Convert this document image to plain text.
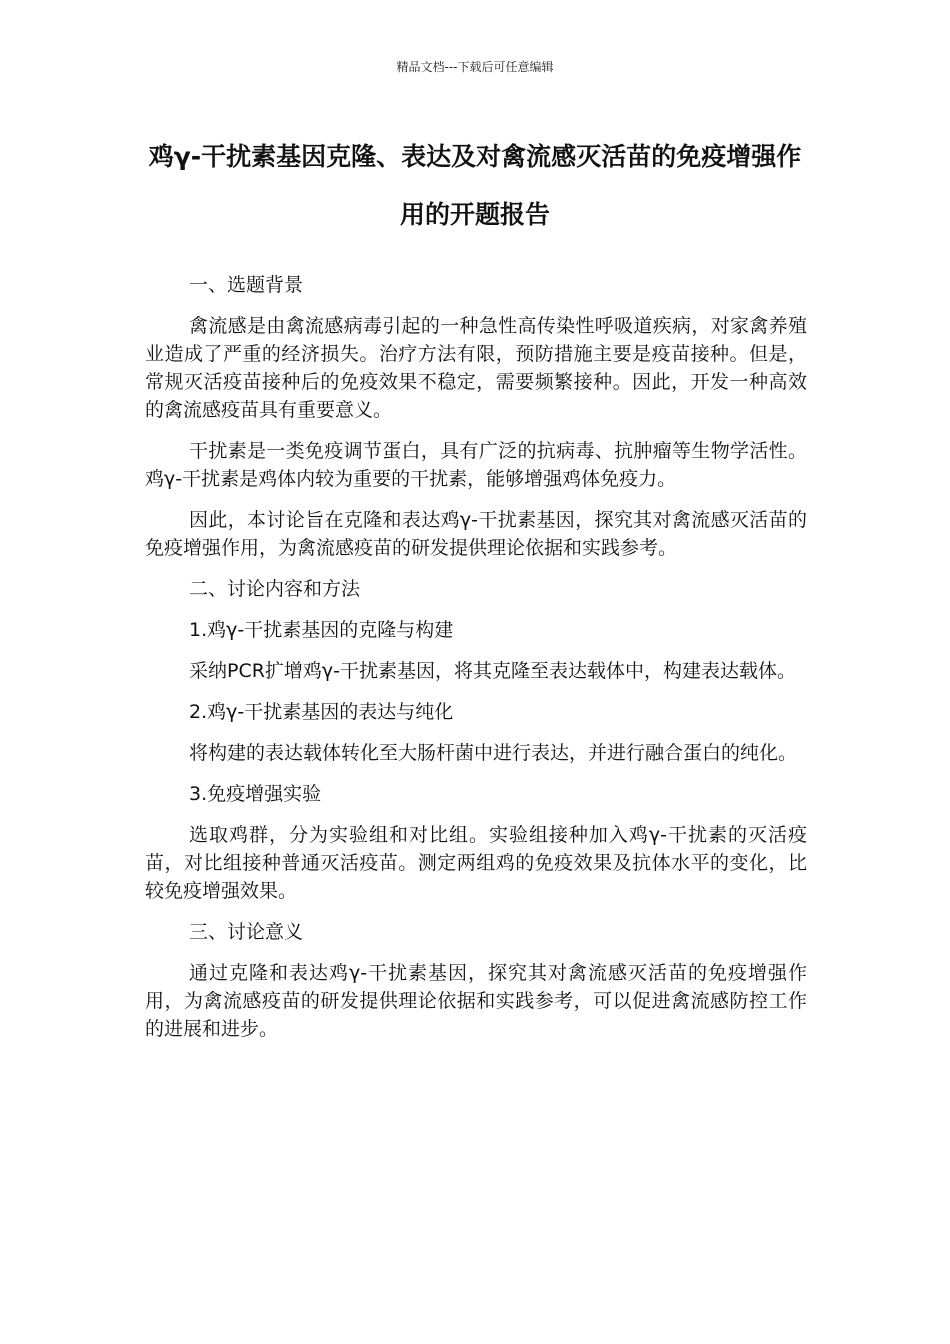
精品文档---下载后可任意编辑
鸡γ-干扰素基因克隆、表达及对禽流感灭活苗的免疫增强作用的开题报告

一、选题背景

禽流感是由禽流感病毒引起的一种急性高传染性呼吸道疾病，对家禽养殖业造成了严重的经济损失。治疗方法有限，预防措施主要是疫苗接种。但是，常规灭活疫苗接种后的免疫效果不稳定，需要频繁接种。因此，开发一种高效的禽流感疫苗具有重要意义。

干扰素是一类免疫调节蛋白，具有广泛的抗病毒、抗肿瘤等生物学活性。鸡γ-干扰素是鸡体内较为重要的干扰素，能够增强鸡体免疫力。

因此，本讨论旨在克隆和表达鸡γ-干扰素基因，探究其对禽流感灭活苗的免疫增强作用，为禽流感疫苗的研发提供理论依据和实践参考。

二、讨论内容和方法

1.鸡γ-干扰素基因的克隆与构建

采纳PCR扩增鸡γ-干扰素基因，将其克隆至表达载体中，构建表达载体。

2.鸡γ-干扰素基因的表达与纯化

将构建的表达载体转化至大肠杆菌中进行表达，并进行融合蛋白的纯化。

3.免疫增强实验

选取鸡群，分为实验组和对比组。实验组接种加入鸡γ-干扰素的灭活疫苗，对比组接种普通灭活疫苗。测定两组鸡的免疫效果及抗体水平的变化，比较免疫增强效果。

三、讨论意义

通过克隆和表达鸡γ-干扰素基因，探究其对禽流感灭活苗的免疫增强作用，为禽流感疫苗的研发提供理论依据和实践参考，可以促进禽流感防控工作的进展和进步。
